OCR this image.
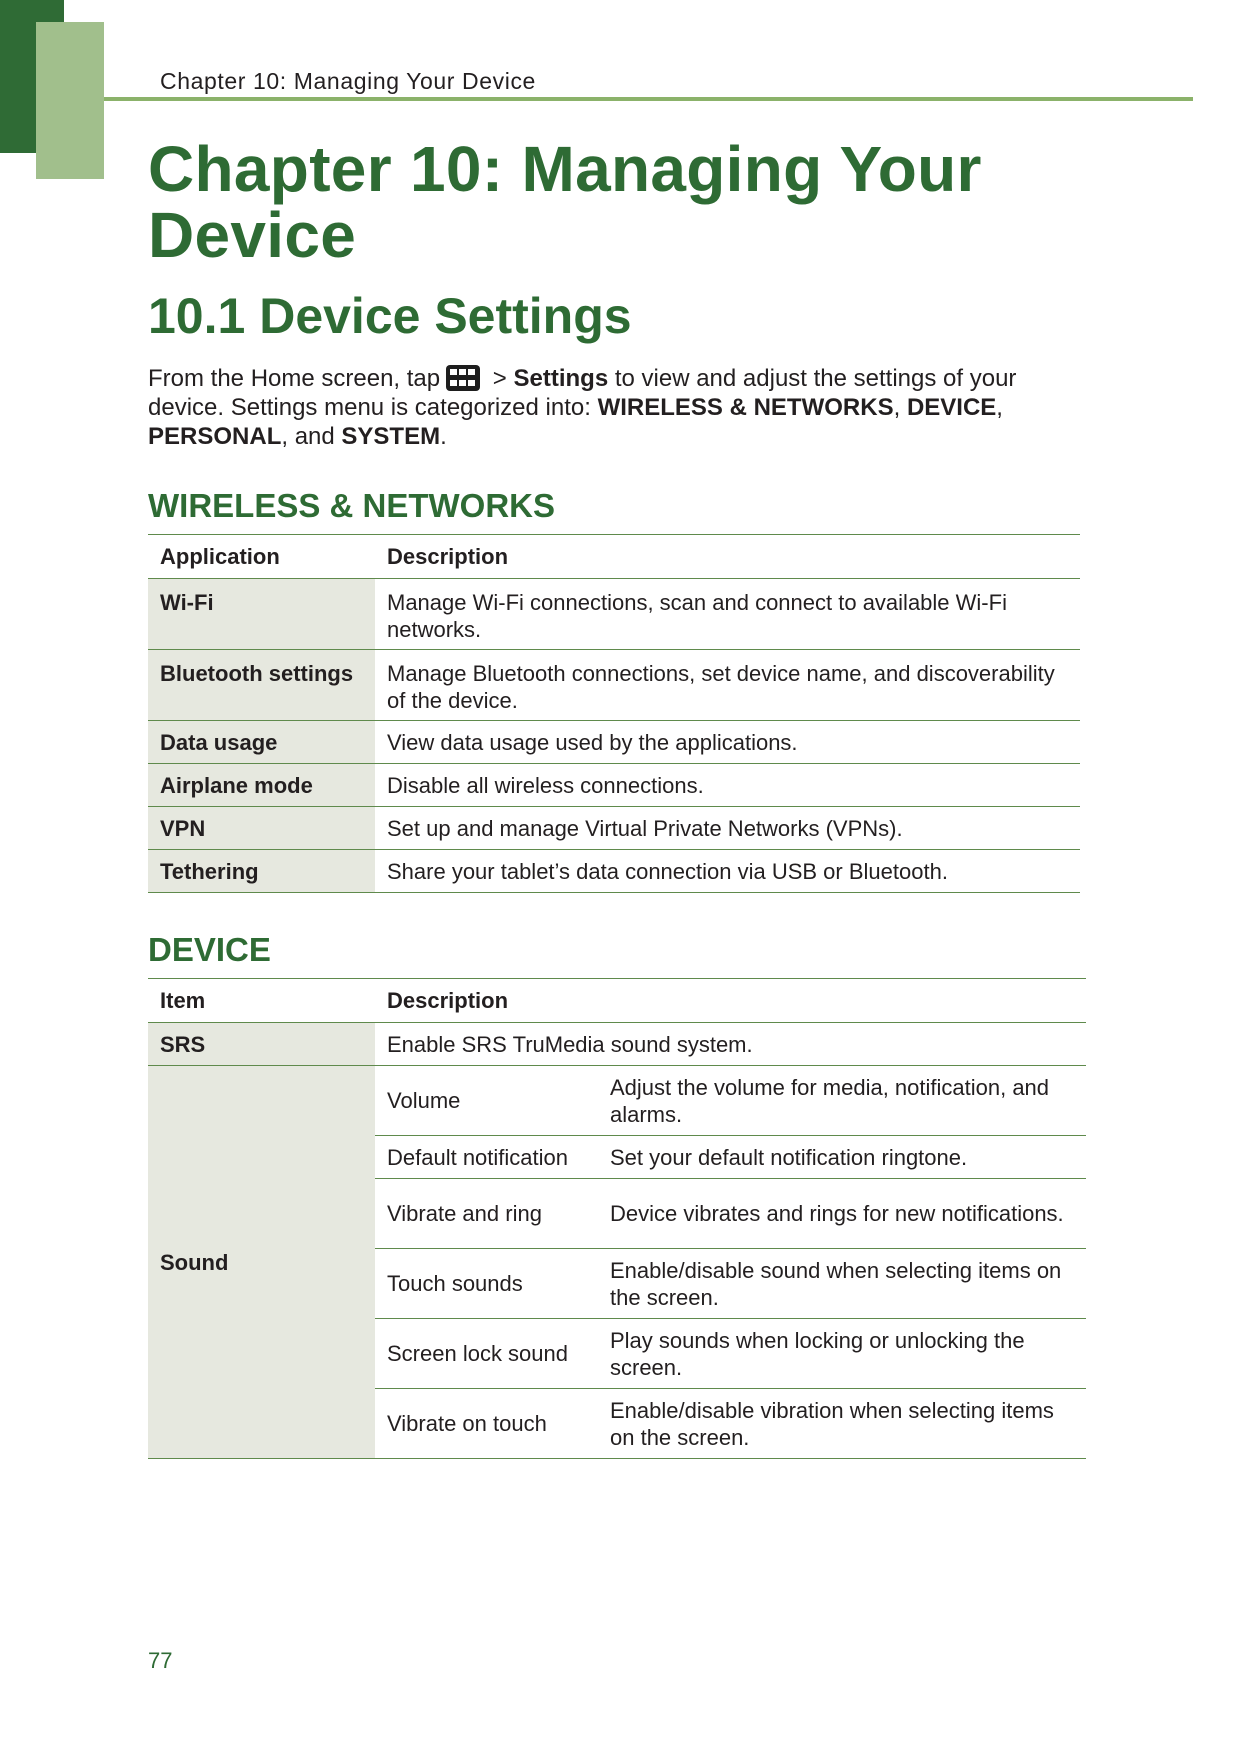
Chapter 10: Managing Your Device
Chapter 10: Managing Your Device
10.1 Device Settings

From the Home screen, tap
> Settings to view and adjust the settings of your device. Settings menu is categorized into: WIRELESS & NETWORKS, DEVICE, PERSONAL, and SYSTEM.

WIRELESS & NETWORKS
Application	Description
Wi-Fi	Manage Wi-Fi connections, scan and connect to available Wi-Fi networks.
Bluetooth settings	Manage Bluetooth connections, set device name, and discoverability of the device.
Data usage	View data usage used by the applications.
Airplane mode	Disable all wireless connections.
VPN	Set up and manage Virtual Private Networks (VPNs).
Tethering	Share your tablet’s data connection via USB or Bluetooth.
DEVICE
Item	Description	
SRS	Enable SRS TruMedia sound system.	
Sound	Volume	Adjust the volume for media, notification, and alarms.
	Default notification	Set your default notification ringtone.
	Vibrate and ring	Device vibrates and rings for new notifications.
	Touch sounds	Enable/disable sound when selecting items on the screen.
	Screen lock sound	Play sounds when locking or unlocking the screen.
	Vibrate on touch	Enable/disable vibration when selecting items on the screen.
77
